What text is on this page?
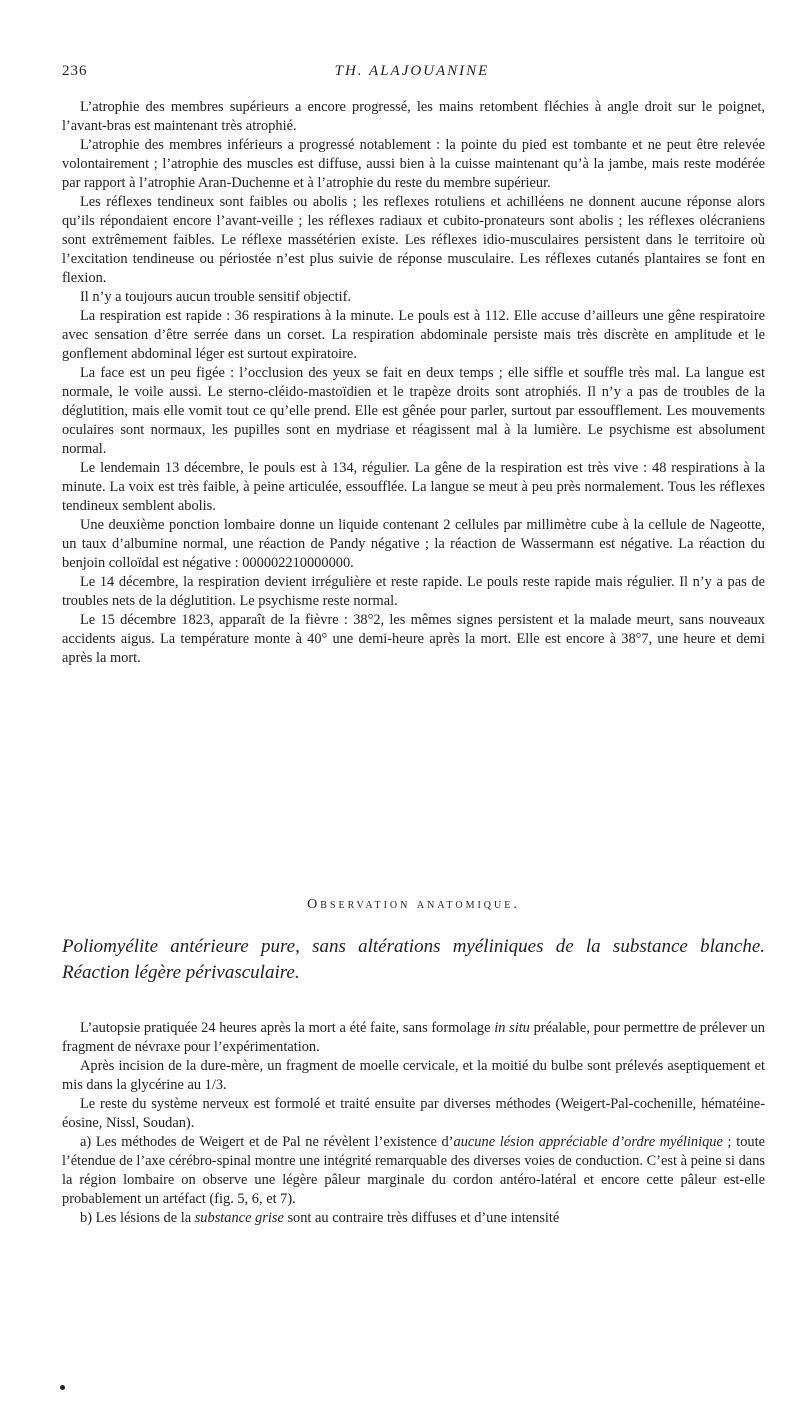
236	TH. ALAJOUANINE

L’atrophie des membres supérieurs a encore progressé, les mains retombent fléchies à angle droit sur le poignet, l’avant-bras est maintenant très atrophié.

L’atrophie des membres inférieurs a progressé notablement : la pointe du pied est tombante et ne peut être relevée volontairement ; l’atrophie des muscles est diffuse, aussi bien à la cuisse maintenant qu’à la jambe, mais reste modérée par rapport à l’atrophie Aran-Duchenne et à l’atrophie du reste du membre supérieur.

Les réflexes tendineux sont faibles ou abolis ; les reflexes rotuliens et achilléens ne donnent aucune réponse alors qu’ils répondaient encore l’avant-veille ; les réflexes radiaux et cubito-pronateurs sont abolis ; les réflexes olécraniens sont extrêmement faibles. Le réflexe massétérien existe. Les réflexes idio-musculaires persistent dans le territoire où l’excitation tendineuse ou périostée n’est plus suivie de réponse musculaire. Les réflexes cutanés plantaires se font en flexion.

Il n’y a toujours aucun trouble sensitif objectif.

La respiration est rapide : 36 respirations à la minute. Le pouls est à 112. Elle accuse d’ailleurs une gêne respiratoire avec sensation d’être serrée dans un corset. La respiration abdominale persiste mais très discrète en amplitude et le gonflement abdominal léger est surtout expiratoire.

La face est un peu figée : l’occlusion des yeux se fait en deux temps ; elle siffle et souffle très mal. La langue est normale, le voile aussi. Le sterno-cléido-mastoïdien et le trapèze droits sont atrophiés. Il n’y a pas de troubles de la déglutition, mais elle vomit tout ce qu’elle prend. Elle est gênée pour parler, surtout par essoufflement. Les mouvements oculaires sont normaux, les pupilles sont en mydriase et réagissent mal à la lumière. Le psychisme est absolument normal.

Le lendemain 13 décembre, le pouls est à 134, régulier. La gêne de la respiration est très vive : 48 respirations à la minute. La voix est très faible, à peine articulée, essoufflée. La langue se meut à peu près normalement. Tous les réflexes tendineux semblent abolis.

Une deuxième ponction lombaire donne un liquide contenant 2 cellules par millimètre cube à la cellule de Nageotte, un taux d’albumine normal, une réaction de Pandy négative ; la réaction de Wassermann est négative. La réaction du benjoin colloïdal est négative : 000002210000000.

Le 14 décembre, la respiration devient irrégulière et reste rapide. Le pouls reste rapide mais régulier. Il n’y a pas de troubles nets de la déglutition. Le psychisme reste normal.

Le 15 décembre 1823, apparaît de la fièvre : 38°2, les mêmes signes persistent et la malade meurt, sans nouveaux accidents aigus. La température monte à 40° une demi-heure après la mort. Elle est encore à 38°7, une heure et demi après la mort.

Observation anatomique.
Poliomyélite antérieure pure, sans altérations myéliniques de la substance blanche. Réaction légère périvasculaire.

L’autopsie pratiquée 24 heures après la mort a été faite, sans formolage in situ préalable, pour permettre de prélever un fragment de névraxe pour l’expérimentation.

Après incision de la dure-mère, un fragment de moelle cervicale, et la moitié du bulbe sont prélevés aseptiquement et mis dans la glycérine au 1/3.

Le reste du système nerveux est formolé et traité ensuite par diverses méthodes (Weigert-Pal-cochenille, hématéine-éosine, Nissl, Soudan).

a) Les méthodes de Weigert et de Pal ne révèlent l’existence d’aucune lésion appréciable d’ordre myélinique ; toute l’étendue de l’axe cérébro-spinal montre une intégrité remarquable des diverses voies de conduction. C’est à peine si dans la région lombaire on observe une légère pâleur marginale du cordon antéro-latéral et encore cette pâleur est-elle probablement un artéfact (fig. 5, 6, et 7).

b) Les lésions de la substance grise sont au contraire très diffuses et d’une intensité
